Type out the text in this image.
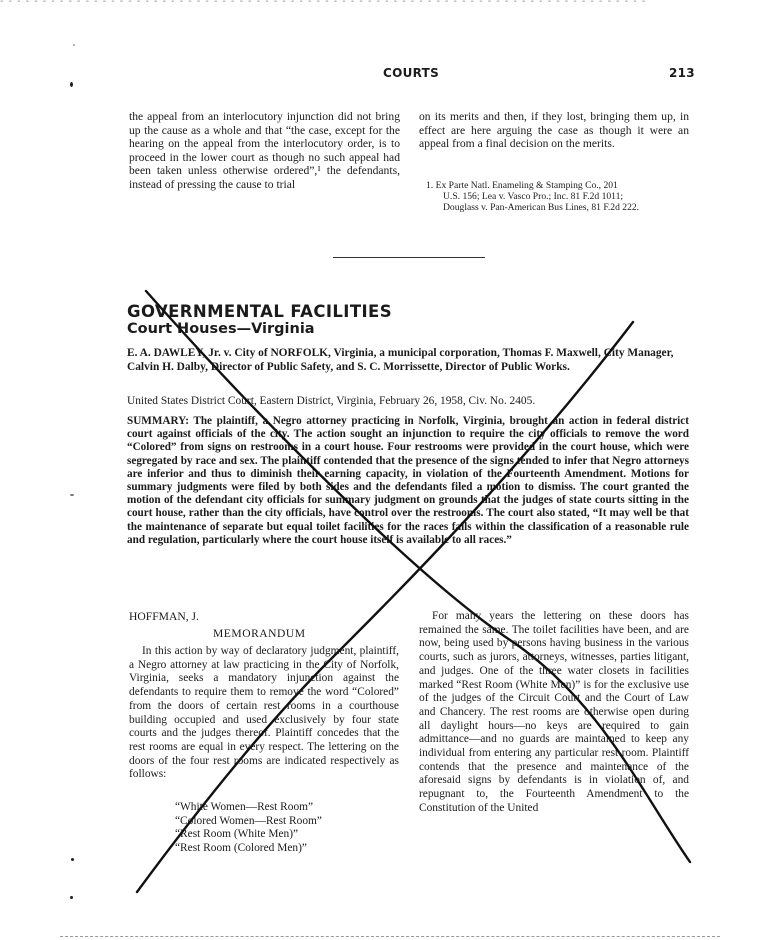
- - - - - - - - - - - - - - - - - - - - - - - - - - - - - - - - - - - - - - - - - - - - - - - - - - - - - - - - - - - - - - - - - - - - - - - - - - - -
COURTS	213
the appeal from an interlocutory injunction did not bring up the cause as a whole and that “the case, except for the hearing on the appeal from the interlocutory order, is to proceed in the lower court as though no such appeal had been taken unless otherwise ordered”,¹ the defendants, instead of pressing the cause to trial
on its merits and then, if they lost, bringing them up, in effect are here arguing the case as though it were an appeal from a final decision on the merits.
1. Ex Parte Natl. Enameling & Stamping Co., 201
U.S. 156; Lea v. Vasco Pro.; Inc. 81 F.2d 1011;
Douglass v. Pan-American Bus Lines, 81 F.2d 222.
GOVERNMENTAL FACILITIES
Court Houses—Virginia
E. A. DAWLEY, Jr. v. City of NORFOLK, Virginia, a municipal corporation, Thomas F. Maxwell, City Manager, Calvin H. Dalby, Director of Public Safety, and S. C. Morrissette, Director of Public Works.
United States District Court, Eastern District, Virginia, February 26, 1958, Civ. No. 2405.
SUMMARY: The plaintiff, a Negro attorney practicing in Norfolk, Virginia, brought an action in federal district court against officials of the city. The action sought an injunction to require the city officials to remove the word “Colored” from signs on restrooms in a court house. Four restrooms were provided in the court house, which were segregated by race and sex. The plaintiff contended that the presence of the signs tended to infer that Negro attorneys are inferior and thus to diminish their earning capacity, in violation of the Fourteenth Amendment. Motions for summary judgments were filed by both sides and the defendants filed a motion to dismiss. The court granted the motion of the defendant city officials for summary judgment on grounds that the judges of state courts sitting in the court house, rather than the city officials, have control over the restrooms. The court also stated, “It may well be that the maintenance of separate but equal toilet facilities for the races falls within the classification of a reasonable rule and regulation, particularly where the court house itself is available to all races.”
HOFFMAN, J.
MEMORANDUM
In this action by way of declaratory judgment, plaintiff, a Negro attorney at law practicing in the City of Norfolk, Virginia, seeks a mandatory injunction against the defendants to require them to remove the word “Colored” from the doors of certain rest rooms in a courthouse building occupied and used exclusively by four state courts and the judges thereof. Plaintiff concedes that the rest rooms are equal in every respect. The lettering on the doors of the four rest rooms are indicated respectively as follows:
“White Women—Rest Room”
“Colored Women—Rest Room”
“Rest Room (White Men)”
“Rest Room (Colored Men)”
For many years the lettering on these doors has remained the same. The toilet facilities have been, and are now, being used by persons having business in the various courts, such as jurors, attorneys, witnesses, parties litigant, and judges. One of the three water closets in facilities marked “Rest Room (White Men)” is for the exclusive use of the judges of the Circuit Court and the Court of Law and Chancery. The rest rooms are otherwise open during all daylight hours—no keys are required to gain admittance—and no guards are maintained to keep any individual from entering any particular rest room. Plaintiff contends that the presence and maintenance of the aforesaid signs by defendants is in violation of, and repugnant to, the Fourteenth Amendment to the Constitution of the United
